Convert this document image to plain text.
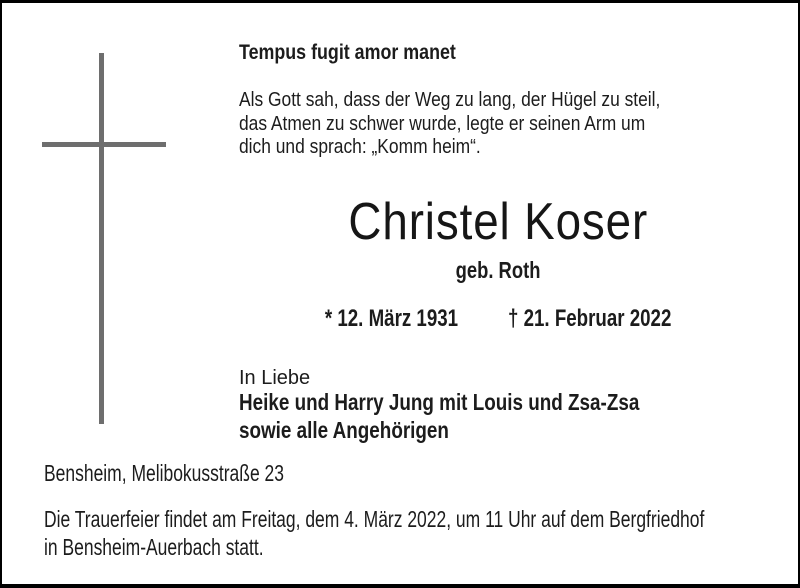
Tempus fugit amor manet
Als Gott sah, dass der Weg zu lang, der Hügel zu steil,
das Atmen zu schwer wurde, legte er seinen Arm um
dich und sprach: „Komm heim“.
Christel Koser
geb. Roth
* 12. März 1931 † 21. Februar 2022
In Liebe
Heike und Harry Jung mit Louis und Zsa-Zsa
sowie alle Angehörigen
Bensheim, Melibokusstraße 23
Die Trauerfeier findet am Freitag, dem 4. März 2022, um 11 Uhr auf dem Bergfriedhof
in Bensheim-Auerbach statt.
